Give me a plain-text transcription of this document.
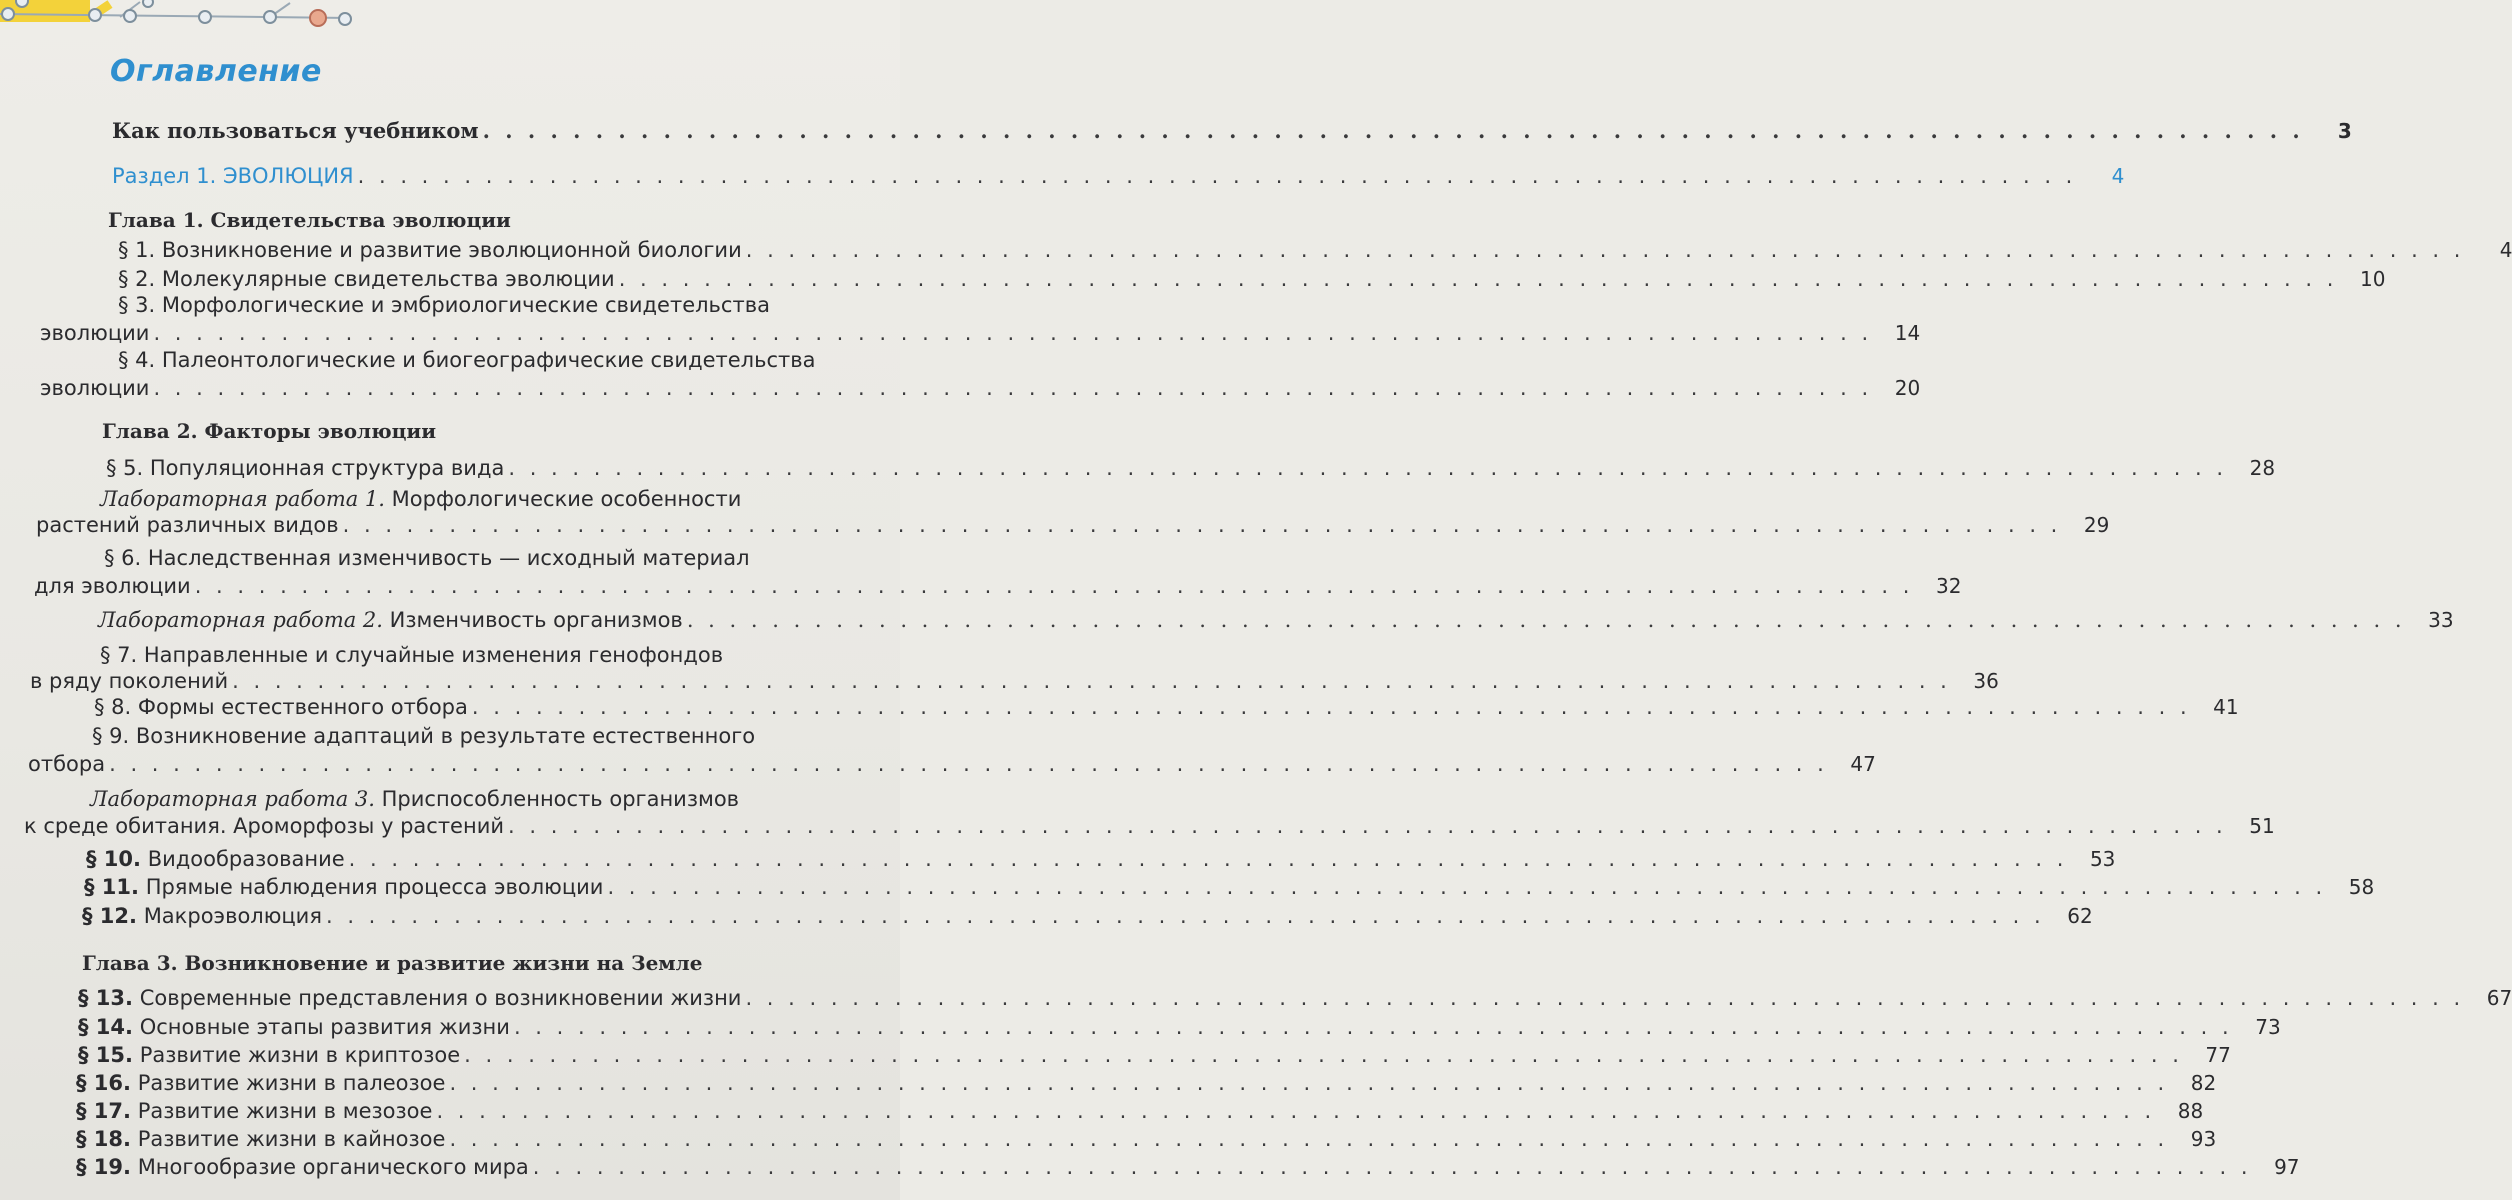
Оглавление
Как пользоваться учебником . . . . . . . . . . . . . . . . . . . . . . . . . . . . . . . . . . . . . . . . . . . . . . . . . . . . . . . . . . . . . . . . . . . . . . . . . . . . . . . . .	3
Раздел 1. ЭВОЛЮЦИЯ . . . . . . . . . . . . . . . . . . . . . . . . . . . . . . . . . . . . . . . . . . . . . . . . . . . . . . . . . . . . . . . . . . . . . . . . . . . . . . . . .	4
Глава 1. Свидетельства эволюции
§ 1. Возникновение и развитие эволюционной биологии . . . . . . . . . . . . . . . . . . . . . . . . . . . . . . . . . . . . . . . . . . . . . . . . . . . . . . . . . . . . . . . . . . . . . . . . . . . . . . . . .	4
§ 2. Молекулярные свидетельства эволюции . . . . . . . . . . . . . . . . . . . . . . . . . . . . . . . . . . . . . . . . . . . . . . . . . . . . . . . . . . . . . . . . . . . . . . . . . . . . . . . . .	10
§ 3. Морфологические и эмбриологические свидетельства
эволюции . . . . . . . . . . . . . . . . . . . . . . . . . . . . . . . . . . . . . . . . . . . . . . . . . . . . . . . . . . . . . . . . . . . . . . . . . . . . . . . . .	14
§ 4. Палеонтологические и биогеографические свидетельства
эволюции . . . . . . . . . . . . . . . . . . . . . . . . . . . . . . . . . . . . . . . . . . . . . . . . . . . . . . . . . . . . . . . . . . . . . . . . . . . . . . . . .	20
Глава 2. Факторы эволюции
§ 5. Популяционная структура вида . . . . . . . . . . . . . . . . . . . . . . . . . . . . . . . . . . . . . . . . . . . . . . . . . . . . . . . . . . . . . . . . . . . . . . . . . . . . . . . . .	28
Лабораторная работа 1. Морфологические особенности
растений различных видов . . . . . . . . . . . . . . . . . . . . . . . . . . . . . . . . . . . . . . . . . . . . . . . . . . . . . . . . . . . . . . . . . . . . . . . . . . . . . . . . .	29
§ 6. Наследственная изменчивость — исходный материал
для эволюции . . . . . . . . . . . . . . . . . . . . . . . . . . . . . . . . . . . . . . . . . . . . . . . . . . . . . . . . . . . . . . . . . . . . . . . . . . . . . . . . .	32
Лабораторная работа 2. Изменчивость организмов . . . . . . . . . . . . . . . . . . . . . . . . . . . . . . . . . . . . . . . . . . . . . . . . . . . . . . . . . . . . . . . . . . . . . . . . . . . . . . . . .	33
§ 7. Направленные и случайные изменения генофондов
в ряду поколений . . . . . . . . . . . . . . . . . . . . . . . . . . . . . . . . . . . . . . . . . . . . . . . . . . . . . . . . . . . . . . . . . . . . . . . . . . . . . . . . .	36
§ 8. Формы естественного отбора . . . . . . . . . . . . . . . . . . . . . . . . . . . . . . . . . . . . . . . . . . . . . . . . . . . . . . . . . . . . . . . . . . . . . . . . . . . . . . . . .	41
§ 9. Возникновение адаптаций в результате естественного
отбора . . . . . . . . . . . . . . . . . . . . . . . . . . . . . . . . . . . . . . . . . . . . . . . . . . . . . . . . . . . . . . . . . . . . . . . . . . . . . . . . .	47
Лабораторная работа 3. Приспособленность организмов
к среде обитания. Ароморфозы у растений . . . . . . . . . . . . . . . . . . . . . . . . . . . . . . . . . . . . . . . . . . . . . . . . . . . . . . . . . . . . . . . . . . . . . . . . . . . . . . . . .	51
§ 10. Видообразование . . . . . . . . . . . . . . . . . . . . . . . . . . . . . . . . . . . . . . . . . . . . . . . . . . . . . . . . . . . . . . . . . . . . . . . . . . . . . . . . .	53
§ 11. Прямые наблюдения процесса эволюции . . . . . . . . . . . . . . . . . . . . . . . . . . . . . . . . . . . . . . . . . . . . . . . . . . . . . . . . . . . . . . . . . . . . . . . . . . . . . . . . .	58
§ 12. Макроэволюция . . . . . . . . . . . . . . . . . . . . . . . . . . . . . . . . . . . . . . . . . . . . . . . . . . . . . . . . . . . . . . . . . . . . . . . . . . . . . . . . .	62
Глава 3. Возникновение и развитие жизни на Земле
§ 13. Современные представления о возникновении жизни . . . . . . . . . . . . . . . . . . . . . . . . . . . . . . . . . . . . . . . . . . . . . . . . . . . . . . . . . . . . . . . . . . . . . . . . . . . . . . . . .	67
§ 14. Основные этапы развития жизни . . . . . . . . . . . . . . . . . . . . . . . . . . . . . . . . . . . . . . . . . . . . . . . . . . . . . . . . . . . . . . . . . . . . . . . . . . . . . . . . .	73
§ 15. Развитие жизни в криптозое . . . . . . . . . . . . . . . . . . . . . . . . . . . . . . . . . . . . . . . . . . . . . . . . . . . . . . . . . . . . . . . . . . . . . . . . . . . . . . . . .	77
§ 16. Развитие жизни в палеозое . . . . . . . . . . . . . . . . . . . . . . . . . . . . . . . . . . . . . . . . . . . . . . . . . . . . . . . . . . . . . . . . . . . . . . . . . . . . . . . . .	82
§ 17. Развитие жизни в мезозое . . . . . . . . . . . . . . . . . . . . . . . . . . . . . . . . . . . . . . . . . . . . . . . . . . . . . . . . . . . . . . . . . . . . . . . . . . . . . . . . .	88
§ 18. Развитие жизни в кайнозое . . . . . . . . . . . . . . . . . . . . . . . . . . . . . . . . . . . . . . . . . . . . . . . . . . . . . . . . . . . . . . . . . . . . . . . . . . . . . . . . .	93
§ 19. Многообразие органического мира . . . . . . . . . . . . . . . . . . . . . . . . . . . . . . . . . . . . . . . . . . . . . . . . . . . . . . . . . . . . . . . . . . . . . . . . . . . . . . . . .	97
